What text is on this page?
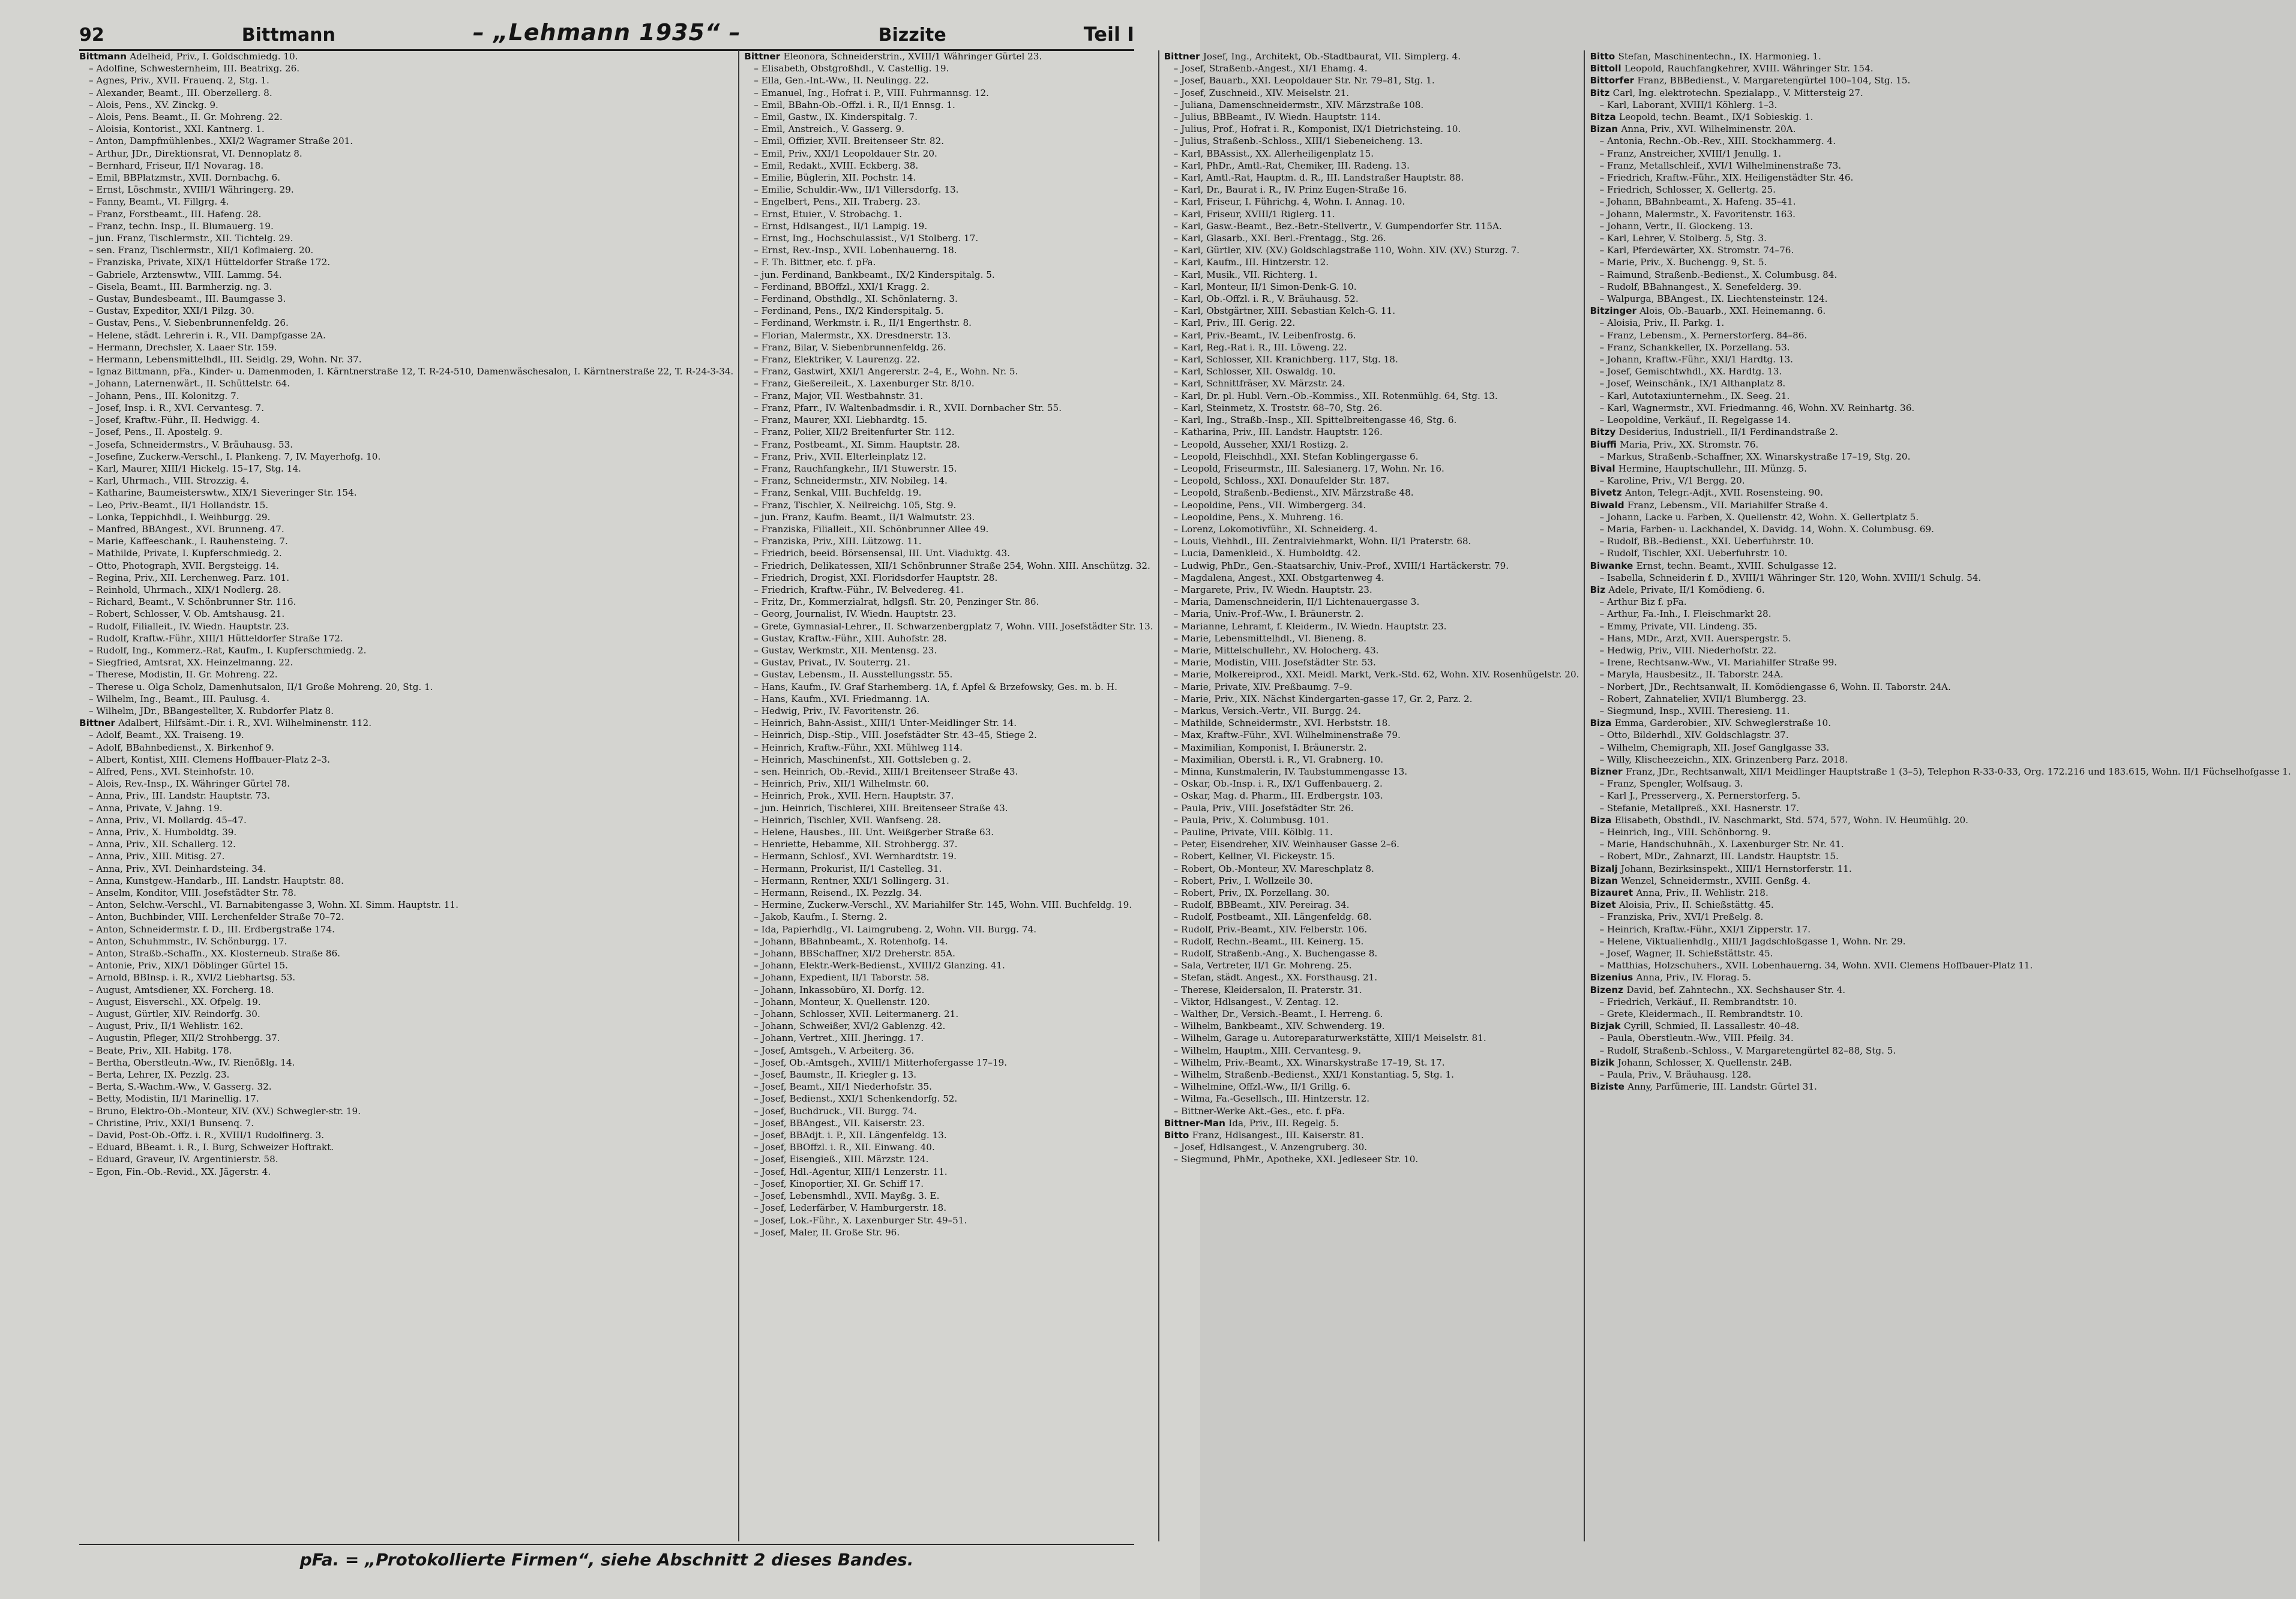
92	Bittmann	– „Lehmann 1935“ –	Bizzite	Teil I
Bittmann Adelheid, Priv., I. Goldschmiedg. 10.
– Adolfine, Schwesternheim, III. Beatrixg. 26.
– Agnes, Priv., XVII. Frauenq. 2, Stg. 1.
– Alexander, Beamt., III. Oberzellerg. 8.
– Alois, Pens., XV. Zinckg. 9.
– Alois, Pens. Beamt., II. Gr. Mohreng. 22.
– Aloisia, Kontorist., XXI. Kantnerg. 1.
– Anton, Dampfmühlenbes., XXI/2 Wagramer Straße 201.
– Arthur, JDr., Direktionsrat, VI. Dennoplatz 8.
– Bernhard, Friseur, II/1 Novarag. 18.
– Emil, BBPlatzmstr., XVII. Dornbachg. 6.
– Ernst, Löschmstr., XVIII/1 Währingerg. 29.
– Fanny, Beamt., VI. Fillgrg. 4.
– Franz, Forstbeamt., III. Hafeng. 28.
– Franz, techn. Insp., II. Blumauerg. 19.
– jun. Franz, Tischlermstr., XII. Tichtelg. 29.
– sen. Franz, Tischlermstr., XII/1 Koflmaierg. 20.
– Franziska, Private, XIX/1 Hütteldorfer Straße 172.
– Gabriele, Arztenswtw., VIII. Lammg. 54.
– Gisela, Beamt., III. Barmherzig. ng. 3.
– Gustav, Bundesbeamt., III. Baumgasse 3.
– Gustav, Expeditor, XXI/1 Pilzg. 30.
– Gustav, Pens., V. Siebenbrunnenfeldg. 26.
– Helene, städt. Lehrerin i. R., VII. Dampfgasse 2A.
– Hermann, Drechsler, X. Laaer Str. 159.
– Hermann, Lebensmittelhdl., III. Seidlg. 29, Wohn. Nr. 37.
– Ignaz Bittmann, pFa., Kinder- u. Damenmoden, I. Kärntnerstraße 12, T. R-24-510, Damenwäschesalon, I. Kärntnerstraße 22, T. R-24-3-34.
– Johann, Laternenwärt., II. Schüttelstr. 64.
– Johann, Pens., III. Kolonitzg. 7.
– Josef, Insp. i. R., XVI. Cervantesg. 7.
– Josef, Kraftw.-Führ., II. Hedwigg. 4.
– Josef, Pens., II. Apostelg. 9.
– Josefa, Schneidermstrs., V. Bräuhausg. 53.
– Josefine, Zuckerw.-Verschl., I. Plankeng. 7, IV. Mayerhofg. 10.
– Karl, Maurer, XIII/1 Hickelg. 15–17, Stg. 14.
– Karl, Uhrmach., VIII. Strozzig. 4.
– Katharine, Baumeisterswtw., XIX/1 Sieveringer Str. 154.
– Leo, Priv.-Beamt., II/1 Hollandstr. 15.
– Lonka, Teppichhdl., I. Weihburgg. 29.
– Manfred, BBAngest., XVI. Brunneng. 47.
– Marie, Kaffeeschank., I. Rauhensteing. 7.
– Mathilde, Private, I. Kupferschmiedg. 2.
– Otto, Photograph, XVII. Bergsteigg. 14.
– Regina, Priv., XII. Lerchenweg. Parz. 101.
– Reinhold, Uhrmach., XIX/1 Nodlerg. 28.
– Richard, Beamt., V. Schönbrunner Str. 116.
– Robert, Schlosser, V. Ob. Amtshausg. 21.
– Rudolf, Filialleit., IV. Wiedn. Hauptstr. 23.
– Rudolf, Kraftw.-Führ., XIII/1 Hütteldorfer Straße 172.
– Rudolf, Ing., Kommerz.-Rat, Kaufm., I. Kupferschmiedg. 2.
– Siegfried, Amtsrat, XX. Heinzelmanng. 22.
– Therese, Modistin, II. Gr. Mohreng. 22.
– Therese u. Olga Scholz, Damenhutsalon, II/1 Große Mohreng. 20, Stg. 1.
– Wilhelm, Ing., Beamt., III. Paulusg. 4.
– Wilhelm, JDr., BBangestellter, X. Rubdorfer Platz 8.
Bittner Adalbert, Hilfsämt.-Dir. i. R., XVI. Wilhelminenstr. 112.
– Adolf, Beamt., XX. Traiseng. 19.
– Adolf, BBahnbedienst., X. Birkenhof 9.
– Albert, Kontist, XIII. Clemens Hoffbauer-Platz 2–3.
– Alfred, Pens., XVI. Steinhofstr. 10.
– Alois, Rev.-Insp., IX. Währinger Gürtel 78.
– Anna, Priv., III. Landstr. Hauptstr. 73.
– Anna, Private, V. Jahng. 19.
– Anna, Priv., VI. Mollardg. 45–47.
– Anna, Priv., X. Humboldtg. 39.
– Anna, Priv., XII. Schallerg. 12.
– Anna, Priv., XIII. Mitisg. 27.
– Anna, Priv., XVI. Deinhardsteing. 34.
– Anna, Kunstgew.-Handarb., III. Landstr. Hauptstr. 88.
– Anselm, Konditor, VIII. Josefstädter Str. 78.
– Anton, Selchw.-Verschl., VI. Barnabitengasse 3, Wohn. XI. Simm. Hauptstr. 11.
– Anton, Buchbinder, VIII. Lerchenfelder Straße 70–72.
– Anton, Schneidermstr. f. D., III. Erdbergstraße 174.
– Anton, Schuhmmstr., IV. Schönburgg. 17.
– Anton, Straßb.-Schaffn., XX. Klosterneub. Straße 86.
– Antonie, Priv., XIX/1 Döblinger Gürtel 15.
– Arnold, BBInsp. i. R., XVI/2 Liebhartsg. 53.
– August, Amtsdiener, XX. Forcherg. 18.
– August, Eisverschl., XX. Ofpelg. 19.
– August, Gürtler, XIV. Reindorfg. 30.
– August, Priv., II/1 Wehlistr. 162.
– Augustin, Pfleger, XII/2 Strohbergg. 37.
– Beate, Priv., XII. Habitg. 178.
– Bertha, Oberstleutn.-Ww., IV. Rienößlg. 14.
– Berta, Lehrer, IX. Pezzlg. 23.
– Berta, S.-Wachm.-Ww., V. Gasserg. 32.
– Betty, Modistin, II/1 Marinellig. 17.
– Bruno, Elektro-Ob.-Monteur, XIV. (XV.) Schwegler-str. 19.
– Christine, Priv., XXI/1 Bunsenq. 7.
– David, Post-Ob.-Offz. i. R., XVIII/1 Rudolfinerg. 3.
– Eduard, BBeamt. i. R., I. Burg, Schweizer Hoftrakt.
– Eduard, Graveur, IV. Argentinierstr. 58.
– Egon, Fin.-Ob.-Revid., XX. Jägerstr. 4.
Bittner Eleonora, Schneiderstrin., XVIII/1 Währinger Gürtel 23.
– Elisabeth, Obstgroßhdl., V. Castellig. 19.
– Ella, Gen.-Int.-Ww., II. Neulingg. 22.
– Emanuel, Ing., Hofrat i. P., VIII. Fuhrmannsg. 12.
– Emil, BBahn-Ob.-Offzl. i. R., II/1 Ennsg. 1.
– Emil, Gastw., IX. Kinderspitalg. 7.
– Emil, Anstreich., V. Gasserg. 9.
– Emil, Offizier, XVII. Breitenseer Str. 82.
– Emil, Priv., XXI/1 Leopoldauer Str. 20.
– Emil, Redakt., XVIII. Eckberg. 38.
– Emilie, Büglerin, XII. Pochstr. 14.
– Emilie, Schuldir.-Ww., II/1 Villersdorfg. 13.
– Engelbert, Pens., XII. Traberg. 23.
– Ernst, Etuier., V. Strobachg. 1.
– Ernst, Hdlsangest., II/1 Lampig. 19.
– Ernst, Ing., Hochschulassist., V/1 Stolberg. 17.
– Ernst, Rev.-Insp., XVII. Lobenhauerng. 18.
– F. Th. Bittner, etc. f. pFa.
– jun. Ferdinand, Bankbeamt., IX/2 Kinderspitalg. 5.
– Ferdinand, BBOffzl., XXI/1 Kragg. 2.
– Ferdinand, Obsthdlg., XI. Schönlaterng. 3.
– Ferdinand, Pens., IX/2 Kinderspitalg. 5.
– Ferdinand, Werkmstr. i. R., II/1 Engerthstr. 8.
– Florian, Malermstr., XX. Dresdnerstr. 13.
– Franz, Bilar, V. Siebenbrunnenfeldg. 26.
– Franz, Elektriker, V. Laurenzg. 22.
– Franz, Gastwirt, XXI/1 Angererstr. 2–4, E., Wohn. Nr. 5.
– Franz, Gießereileit., X. Laxenburger Str. 8/10.
– Franz, Major, VII. Westbahnstr. 31.
– Franz, Pfarr., IV. Waltenbadmsdir. i. R., XVII. Dornbacher Str. 55.
– Franz, Maurer, XXI. Liebhardtg. 15.
– Franz, Polier, XII/2 Breitenfurter Str. 112.
– Franz, Postbeamt., XI. Simm. Hauptstr. 28.
– Franz, Priv., XVII. Elterleinplatz 12.
– Franz, Rauchfangkehr., II/1 Stuwerstr. 15.
– Franz, Schneidermstr., XIV. Nobileg. 14.
– Franz, Senkal, VIII. Buchfeldg. 19.
– Franz, Tischler, X. Neilreichg. 105, Stg. 9.
– jun. Franz, Kaufm. Beamt., II/1 Walmutstr. 23.
– Franziska, Filialleit., XII. Schönbrunner Allee 49.
– Franziska, Priv., XIII. Lützowg. 11.
– Friedrich, beeid. Börsensensal, III. Unt. Viaduktg. 43.
– Friedrich, Delikatessen, XII/1 Schönbrunner Straße 254, Wohn. XIII. Anschützg. 32.
– Friedrich, Drogist, XXI. Floridsdorfer Hauptstr. 28.
– Friedrich, Kraftw.-Führ., IV. Belvedereg. 41.
– Fritz, Dr., Kommerzialrat, hdlgsfl. Str. 20, Penzinger Str. 86.
– Georg, Journalist, IV. Wiedn. Hauptstr. 23.
– Grete, Gymnasial-Lehrer., II. Schwarzenbergplatz 7, Wohn. VIII. Josefstädter Str. 13.
– Gustav, Kraftw.-Führ., XIII. Auhofstr. 28.
– Gustav, Werkmstr., XII. Mentensg. 23.
– Gustav, Privat., IV. Souterrg. 21.
– Gustav, Lebensm., II. Ausstellungsstr. 55.
– Hans, Kaufm., IV. Graf Starhemberg. 1A, f. Apfel & Brzefowsky, Ges. m. b. H.
– Hans, Kaufm., XVI. Friedmanng. 1A.
– Hedwig, Priv., IV. Favoritenstr. 26.
– Heinrich, Bahn-Assist., XIII/1 Unter-Meidlinger Str. 14.
– Heinrich, Disp.-Stip., VIII. Josefstädter Str. 43–45, Stiege 2.
– Heinrich, Kraftw.-Führ., XXI. Mühlweg 114.
– Heinrich, Maschinenfst., XII. Gottsleben g. 2.
– sen. Heinrich, Ob.-Revid., XIII/1 Breitenseer Straße 43.
– Heinrich, Priv., XII/1 Wilhelmstr. 60.
– Heinrich, Prok., XVII. Hern. Hauptstr. 37.
– jun. Heinrich, Tischlerei, XIII. Breitenseer Straße 43.
– Heinrich, Tischler, XVII. Wanfseng. 28.
– Helene, Hausbes., III. Unt. Weißgerber Straße 63.
– Henriette, Hebamme, XII. Strohbergg. 37.
– Hermann, Schlosf., XVI. Wernhardtstr. 19.
– Hermann, Prokurist, II/1 Castelleg. 31.
– Hermann, Rentner, XXI/1 Sollingerg. 31.
– Hermann, Reisend., IX. Pezzlg. 34.
– Hermine, Zuckerw.-Verschl., XV. Mariahilfer Str. 145, Wohn. VIII. Buchfeldg. 19.
– Jakob, Kaufm., I. Sterng. 2.
– Ida, Papierhdlg., VI. Laimgrubeng. 2, Wohn. VII. Burgg. 74.
– Johann, BBahnbeamt., X. Rotenhofg. 14.
– Johann, BBSchaffner, XI/2 Dreherstr. 85A.
– Johann, Elektr.-Werk-Bedienst., XVIII/2 Glanzing. 41.
– Johann, Expedient, II/1 Taborstr. 58.
– Johann, Inkassobüro, XI. Dorfg. 12.
– Johann, Monteur, X. Quellenstr. 120.
– Johann, Schlosser, XVII. Leitermanerg. 21.
– Johann, Schweißer, XVI/2 Gablenzg. 42.
– Johann, Vertret., XIII. Jheringg. 17.
– Josef, Amtsgeh., V. Arbeiterg. 36.
– Josef, Ob.-Amtsgeh., XVIII/1 Mitterhofergasse 17–19.
– Josef, Baumstr., II. Kriegler g. 13.
– Josef, Beamt., XII/1 Niederhofstr. 35.
– Josef, Bedienst., XXI/1 Schenkendorfg. 52.
– Josef, Buchdruck., VII. Burgg. 74.
– Josef, BBAngest., VII. Kaiserstr. 23.
– Josef, BBAdjt. i. P., XII. Längenfeldg. 13.
– Josef, BBOffzl. i. R., XII. Einwang. 40.
– Josef, Eisengieß., XIII. Märzstr. 124.
– Josef, Hdl.-Agentur, XIII/1 Lenzerstr. 11.
– Josef, Kinoportier, XI. Gr. Schiff 17.
– Josef, Lebensmhdl., XVII. Mayßg. 3. E.
– Josef, Lederfärber, V. Hamburgerstr. 18.
– Josef, Lok.-Führ., X. Laxenburger Str. 49–51.
– Josef, Maler, II. Große Str. 96.
Bittner Josef, Ing., Architekt, Ob.-Stadtbaurat, VII. Simplerg. 4.
– Josef, Straßenb.-Angest., XI/1 Ehamg. 4.
– Josef, Bauarb., XXI. Leopoldauer Str. Nr. 79–81, Stg. 1.
– Josef, Zuschneid., XIV. Meiselstr. 21.
– Juliana, Damenschneidermstr., XIV. Märzstraße 108.
– Julius, BBBeamt., IV. Wiedn. Hauptstr. 114.
– Julius, Prof., Hofrat i. R., Komponist, IX/1 Dietrichsteing. 10.
– Julius, Straßenb.-Schloss., XIII/1 Siebeneicheng. 13.
– Karl, BBAssist., XX. Allerheiligenplatz 15.
– Karl, PhDr., Amtl.-Rat, Chemiker, III. Radeng. 13.
– Karl, Amtl.-Rat, Hauptm. d. R., III. Landstraßer Hauptstr. 88.
– Karl, Dr., Baurat i. R., IV. Prinz Eugen-Straße 16.
– Karl, Friseur, I. Führichg. 4, Wohn. I. Annag. 10.
– Karl, Friseur, XVIII/1 Riglerg. 11.
– Karl, Gasw.-Beamt., Bez.-Betr.-Stellvertr., V. Gumpendorfer Str. 115A.
– Karl, Glasarb., XXI. Berl.-Frentagg., Stg. 26.
– Karl, Gürtler, XIV. (XV.) Goldschlagstraße 110, Wohn. XIV. (XV.) Sturzg. 7.
– Karl, Kaufm., III. Hintzerstr. 12.
– Karl, Musik., VII. Richterg. 1.
– Karl, Monteur, II/1 Simon-Denk-G. 10.
– Karl, Ob.-Offzl. i. R., V. Bräuhausg. 52.
– Karl, Obstgärtner, XIII. Sebastian Kelch-G. 11.
– Karl, Priv., III. Gerig. 22.
– Karl, Priv.-Beamt., IV. Leibenfrostg. 6.
– Karl, Reg.-Rat i. R., III. Löweng. 22.
– Karl, Schlosser, XII. Kranichberg. 117, Stg. 18.
– Karl, Schlosser, XII. Oswaldg. 10.
– Karl, Schnittfräser, XV. Märzstr. 24.
– Karl, Dr. pl. Hubl. Vern.-Ob.-Kommiss., XII. Rotenmühlg. 64, Stg. 13.
– Karl, Steinmetz, X. Troststr. 68–70, Stg. 26.
– Karl, Ing., Straßb.-Insp., XII. Spittelbreitengasse 46, Stg. 6.
– Katharina, Priv., III. Landstr. Hauptstr. 126.
– Leopold, Ausseher, XXI/1 Rostizg. 2.
– Leopold, Fleischhdl., XXI. Stefan Koblingergasse 6.
– Leopold, Friseurmstr., III. Salesianerg. 17, Wohn. Nr. 16.
– Leopold, Schloss., XXI. Donaufelder Str. 187.
– Leopold, Straßenb.-Bedienst., XIV. Märzstraße 48.
– Leopoldine, Pens., VII. Wimbergerg. 34.
– Leopoldine, Pens., X. Muhreng. 16.
– Lorenz, Lokomotivführ., XI. Schneiderg. 4.
– Louis, Viehhdl., III. Zentralviehmarkt, Wohn. II/1 Praterstr. 68.
– Lucia, Damenkleid., X. Humboldtg. 42.
– Ludwig, PhDr., Gen.-Staatsarchiv, Univ.-Prof., XVIII/1 Hartäckerstr. 79.
– Magdalena, Angest., XXI. Obstgartenweg 4.
– Margarete, Priv., IV. Wiedn. Hauptstr. 23.
– Maria, Damenschneiderin, II/1 Lichtenauergasse 3.
– Maria, Univ.-Prof.-Ww., I. Bräunerstr. 2.
– Marianne, Lehramt, f. Kleiderm., IV. Wiedn. Hauptstr. 23.
– Marie, Lebensmittelhdl., VI. Bieneng. 8.
– Marie, Mittelschullehr., XV. Holocherg. 43.
– Marie, Modistin, VIII. Josefstädter Str. 53.
– Marie, Molkereiprod., XXI. Meidl. Markt, Verk.-Std. 62, Wohn. XIV. Rosenhügelstr. 20.
– Marie, Private, XIV. Preßbaumg. 7–9.
– Marie, Priv., XIX. Nächst Kindergarten-gasse 17, Gr. 2, Parz. 2.
– Markus, Versich.-Vertr., VII. Burgg. 24.
– Mathilde, Schneidermstr., XVI. Herbststr. 18.
– Max, Kraftw.-Führ., XVI. Wilhelminenstraße 79.
– Maximilian, Komponist, I. Bräunerstr. 2.
– Maximilian, Oberstl. i. R., VI. Grabnerg. 10.
– Minna, Kunstmalerin, IV. Taubstummengasse 13.
– Oskar, Ob.-Insp. i. R., IX/1 Guffenbauerg. 2.
– Oskar, Mag. d. Pharm., III. Erdbergstr. 103.
– Paula, Priv., VIII. Josefstädter Str. 26.
– Paula, Priv., X. Columbusg. 101.
– Pauline, Private, VIII. Kölblg. 11.
– Peter, Eisendreher, XIV. Weinhauser Gasse 2–6.
– Robert, Kellner, VI. Fickeystr. 15.
– Robert, Ob.-Monteur, XV. Mareschplatz 8.
– Robert, Priv., I. Wollzeile 30.
– Robert, Priv., IX. Porzellang. 30.
– Rudolf, BBBeamt., XIV. Pereirag. 34.
– Rudolf, Postbeamt., XII. Längenfeldg. 68.
– Rudolf, Priv.-Beamt., XIV. Felberstr. 106.
– Rudolf, Rechn.-Beamt., III. Keinerg. 15.
– Rudolf, Straßenb.-Ang., X. Buchengasse 8.
– Sala, Vertreter, II/1 Gr. Mohreng. 25.
– Stefan, städt. Angest., XX. Forsthausg. 21.
– Therese, Kleidersalon, II. Praterstr. 31.
– Viktor, Hdlsangest., V. Zentag. 12.
– Walther, Dr., Versich.-Beamt., I. Herreng. 6.
– Wilhelm, Bankbeamt., XIV. Schwenderg. 19.
– Wilhelm, Garage u. Autoreparaturwerkstätte, XIII/1 Meiselstr. 81.
– Wilhelm, Hauptm., XIII. Cervantesg. 9.
– Wilhelm, Priv.-Beamt., XX. Winarskystraße 17–19, St. 17.
– Wilhelm, Straßenb.-Bedienst., XXI/1 Konstantiag. 5, Stg. 1.
– Wilhelmine, Offzl.-Ww., II/1 Grillg. 6.
– Wilma, Fa.-Gesellsch., III. Hintzerstr. 12.
– Bittner-Werke Akt.-Ges., etc. f. pFa.
Bittner-Man Ida, Priv., III. Regelg. 5.
Bitto Franz, Hdlsangest., III. Kaiserstr. 81.
– Josef, Hdlsangest., V. Anzengruberg. 30.
– Siegmund, PhMr., Apotheke, XXI. Jedleseer Str. 10.
Bitto Stefan, Maschinentechn., IX. Harmonieg. 1.
Bittoll Leopold, Rauchfangkehrer, XVIII. Währinger Str. 154.
Bittorfer Franz, BBBedienst., V. Margaretengürtel 100–104, Stg. 15.
Bitz Carl, Ing. elektrotechn. Spezialapp., V. Mittersteig 27.
– Karl, Laborant, XVIII/1 Köhlerg. 1–3.
Bitza Leopold, techn. Beamt., IX/1 Sobieskig. 1.
Bizan Anna, Priv., XVI. Wilhelminenstr. 20A.
– Antonia, Rechn.-Ob.-Rev., XIII. Stockhammerg. 4.
– Franz, Anstreicher, XVIII/1 Jenullg. 1.
– Franz, Metallschleif., XVI/1 Wilhelminenstraße 73.
– Friedrich, Kraftw.-Führ., XIX. Heiligenstädter Str. 46.
– Friedrich, Schlosser, X. Gellertg. 25.
– Johann, BBahnbeamt., X. Hafeng. 35–41.
– Johann, Malermstr., X. Favoritenstr. 163.
– Johann, Vertr., II. Glockeng. 13.
– Karl, Lehrer, V. Stolberg. 5, Stg. 3.
– Karl, Pferdewärter, XX. Stromstr. 74–76.
– Marie, Priv., X. Buchengg. 9, St. 5.
– Raimund, Straßenb.-Bedienst., X. Columbusg. 84.
– Rudolf, BBahnangest., X. Senefelderg. 39.
– Walpurga, BBAngest., IX. Liechtensteinstr. 124.
Bitzinger Alois, Ob.-Bauarb., XXI. Heinemanng. 6.
– Aloisia, Priv., II. Parkg. 1.
– Franz, Lebensm., X. Pernerstorferg. 84–86.
– Franz, Schankkeller, IX. Porzellang. 53.
– Johann, Kraftw.-Führ., XXI/1 Hardtg. 13.
– Josef, Gemischtwhdl., XX. Hardtg. 13.
– Josef, Weinschänk., IX/1 Althanplatz 8.
– Karl, Autotaxiunternehm., IX. Seeg. 21.
– Karl, Wagnermstr., XVI. Friedmanng. 46, Wohn. XV. Reinhartg. 36.
– Leopoldine, Verkäuf., II. Regelgasse 14.
Bitzy Desiderius, Industriell., II/1 Ferdinandstraße 2.
Biuffi Maria, Priv., XX. Stromstr. 76.
– Markus, Straßenb.-Schaffner, XX. Winarskystraße 17–19, Stg. 20.
Bival Hermine, Hauptschullehr., III. Münzg. 5.
– Karoline, Priv., V/1 Bergg. 20.
Bivetz Anton, Telegr.-Adjt., XVII. Rosensteing. 90.
Biwald Franz, Lebensm., VII. Mariahilfer Straße 4.
– Johann, Lacke u. Farben, X. Quellenstr. 42, Wohn. X. Gellertplatz 5.
– Maria, Farben- u. Lackhandel, X. Davidg. 14, Wohn. X. Columbusg. 69.
– Rudolf, BB.-Bedienst., XXI. Ueberfuhrstr. 10.
– Rudolf, Tischler, XXI. Ueberfuhrstr. 10.
Biwanke Ernst, techn. Beamt., XVIII. Schulgasse 12.
– Isabella, Schneiderin f. D., XVIII/1 Währinger Str. 120, Wohn. XVIII/1 Schulg. 54.
Biz Adele, Private, II/1 Komödieng. 6.
– Arthur Biz f. pFa.
– Arthur, Fa.-Inh., I. Fleischmarkt 28.
– Emmy, Private, VII. Lindeng. 35.
– Hans, MDr., Arzt, XVII. Auerspergstr. 5.
– Hedwig, Priv., VIII. Niederhofstr. 22.
– Irene, Rechtsanw.-Ww., VI. Mariahilfer Straße 99.
– Maryla, Hausbesitz., II. Taborstr. 24A.
– Norbert, JDr., Rechtsanwalt, II. Komödiengasse 6, Wohn. II. Taborstr. 24A.
– Robert, Zahnatelier, XVII/1 Blumbergg. 23.
– Siegmund, Insp., XVIII. Theresieng. 11.
Biza Emma, Garderobier., XIV. Schweglerstraße 10.
– Otto, Bilderhdl., XIV. Goldschlagstr. 37.
– Wilhelm, Chemigraph, XII. Josef Ganglgasse 33.
– Willy, Klischeezeichn., XIX. Grinzenberg Parz. 2018.
Bizner Franz, JDr., Rechtsanwalt, XII/1 Meidlinger Hauptstraße 1 (3–5), Telephon R-33-0-33, Org. 172.216 und 183.615, Wohn. II/1 Füchselhofgasse 1.
– Franz, Spengler, Wolfsaug. 3.
– Karl J., Presserverg., X. Pernerstorferg. 5.
– Stefanie, Metallpreß., XXI. Hasnerstr. 17.
Biza Elisabeth, Obsthdl., IV. Naschmarkt, Std. 574, 577, Wohn. IV. Heumühlg. 20.
– Heinrich, Ing., VIII. Schönborng. 9.
– Marie, Handschuhnäh., X. Laxenburger Str. Nr. 41.
– Robert, MDr., Zahnarzt, III. Landstr. Hauptstr. 15.
Bizalj Johann, Bezirksinspekt., XIII/1 Hernstorferstr. 11.
Bizan Wenzel, Schneidermstr., XVIII. Genßg. 4.
Bizauret Anna, Priv., II. Wehlistr. 218.
Bizet Aloisia, Priv., II. Schießstättg. 45.
– Franziska, Priv., XVI/1 Preßelg. 8.
– Heinrich, Kraftw.-Führ., XXI/1 Zipperstr. 17.
– Helene, Viktualienhdlg., XIII/1 Jagdschloßgasse 1, Wohn. Nr. 29.
– Josef, Wagner, II. Schießstättstr. 45.
– Matthias, Holzschuhers., XVII. Lobenhauerng. 34, Wohn. XVII. Clemens Hoffbauer-Platz 11.
Bizenius Anna, Priv., IV. Florag. 5.
Bizenz David, bef. Zahntechn., XX. Sechshauser Str. 4.
– Friedrich, Verkäuf., II. Rembrandtstr. 10.
– Grete, Kleidermach., II. Rembrandtstr. 10.
Bizjak Cyrill, Schmied, II. Lassallestr. 40–48.
– Paula, Oberstleutn.-Ww., VIII. Pfeilg. 34.
– Rudolf, Straßenb.-Schloss., V. Margaretengürtel 82–88, Stg. 5.
Bizik Johann, Schlosser, X. Quellenstr. 24B.
– Paula, Priv., V. Bräuhausg. 128.
Biziste Anny, Parfümerie, III. Landstr. Gürtel 31.
pFa. = „Protokollierte Firmen“, siehe Abschnitt 2 dieses Bandes.
